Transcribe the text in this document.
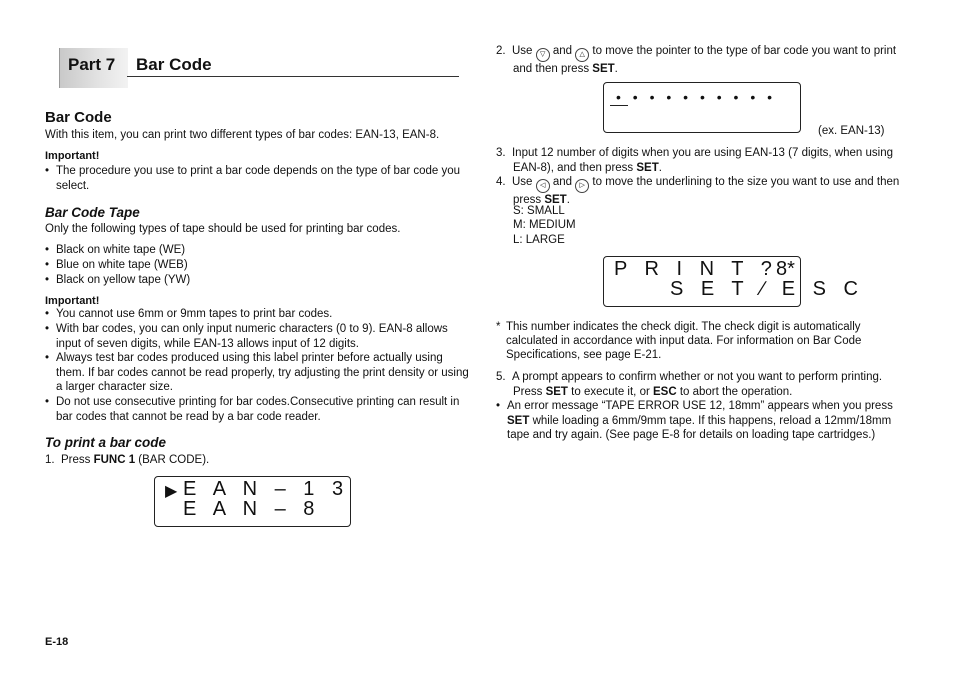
Part 7 Bar Code
Bar Code
With this item, you can print two different types of bar codes: EAN-13, EAN-8.
Important!
• The procedure you use to print a bar code depends on the type of bar code you select.
Bar Code Tape
Only the following types of tape should be used for printing bar codes.
• Black on white tape (WE)
• Blue on white tape (WEB)
• Black on yellow tape (YW)
Important!
• You cannot use 6mm or 9mm tapes to print bar codes.
• With bar codes, you can only input numeric characters (0 to 9). EAN-8 allows input of seven digits, while EAN-13 allows input of 12 digits.
• Always test bar codes produced using this label printer before actually using them. If bar codes cannot be read properly, try adjusting the print density or using a larger character size.
• Do not use consecutive printing for bar codes.Consecutive printing can result in bar codes that cannot be read by a bar code reader.
To print a bar code
1. Press FUNC 1 (BAR CODE).
▶ E A N – 1 3
E A N – 8
2. Use ▽ and △ to move the pointer to the type of bar code you want to print
and then press SET.
• • • • • • • • • •
(ex. EAN-13)
3. Input 12 number of digits when you are using EAN-13 (7 digits, when using
EAN-8), and then press SET.
4. Use ◁ and ▷ to move the underlining to the size you want to use and then
press SET.
S: SMALL
M: MEDIUM
L: LARGE
P R I N T ?
8*
S E T ∕ E S C
* This number indicates the check digit. The check digit is automatically
calculated in accordance with input data. For information on Bar Code
Specifications, see page E-21.
5. A prompt appears to confirm whether or not you want to perform printing.
Press SET to execute it, or ESC to abort the operation.
• An error message “TAPE ERROR USE 12, 18mm” appears when you press
SET while loading a 6mm/9mm tape. If this happens, reload a 12mm/18mm
tape and try again. (See page E-8 for details on loading tape cartridges.)
E-18
